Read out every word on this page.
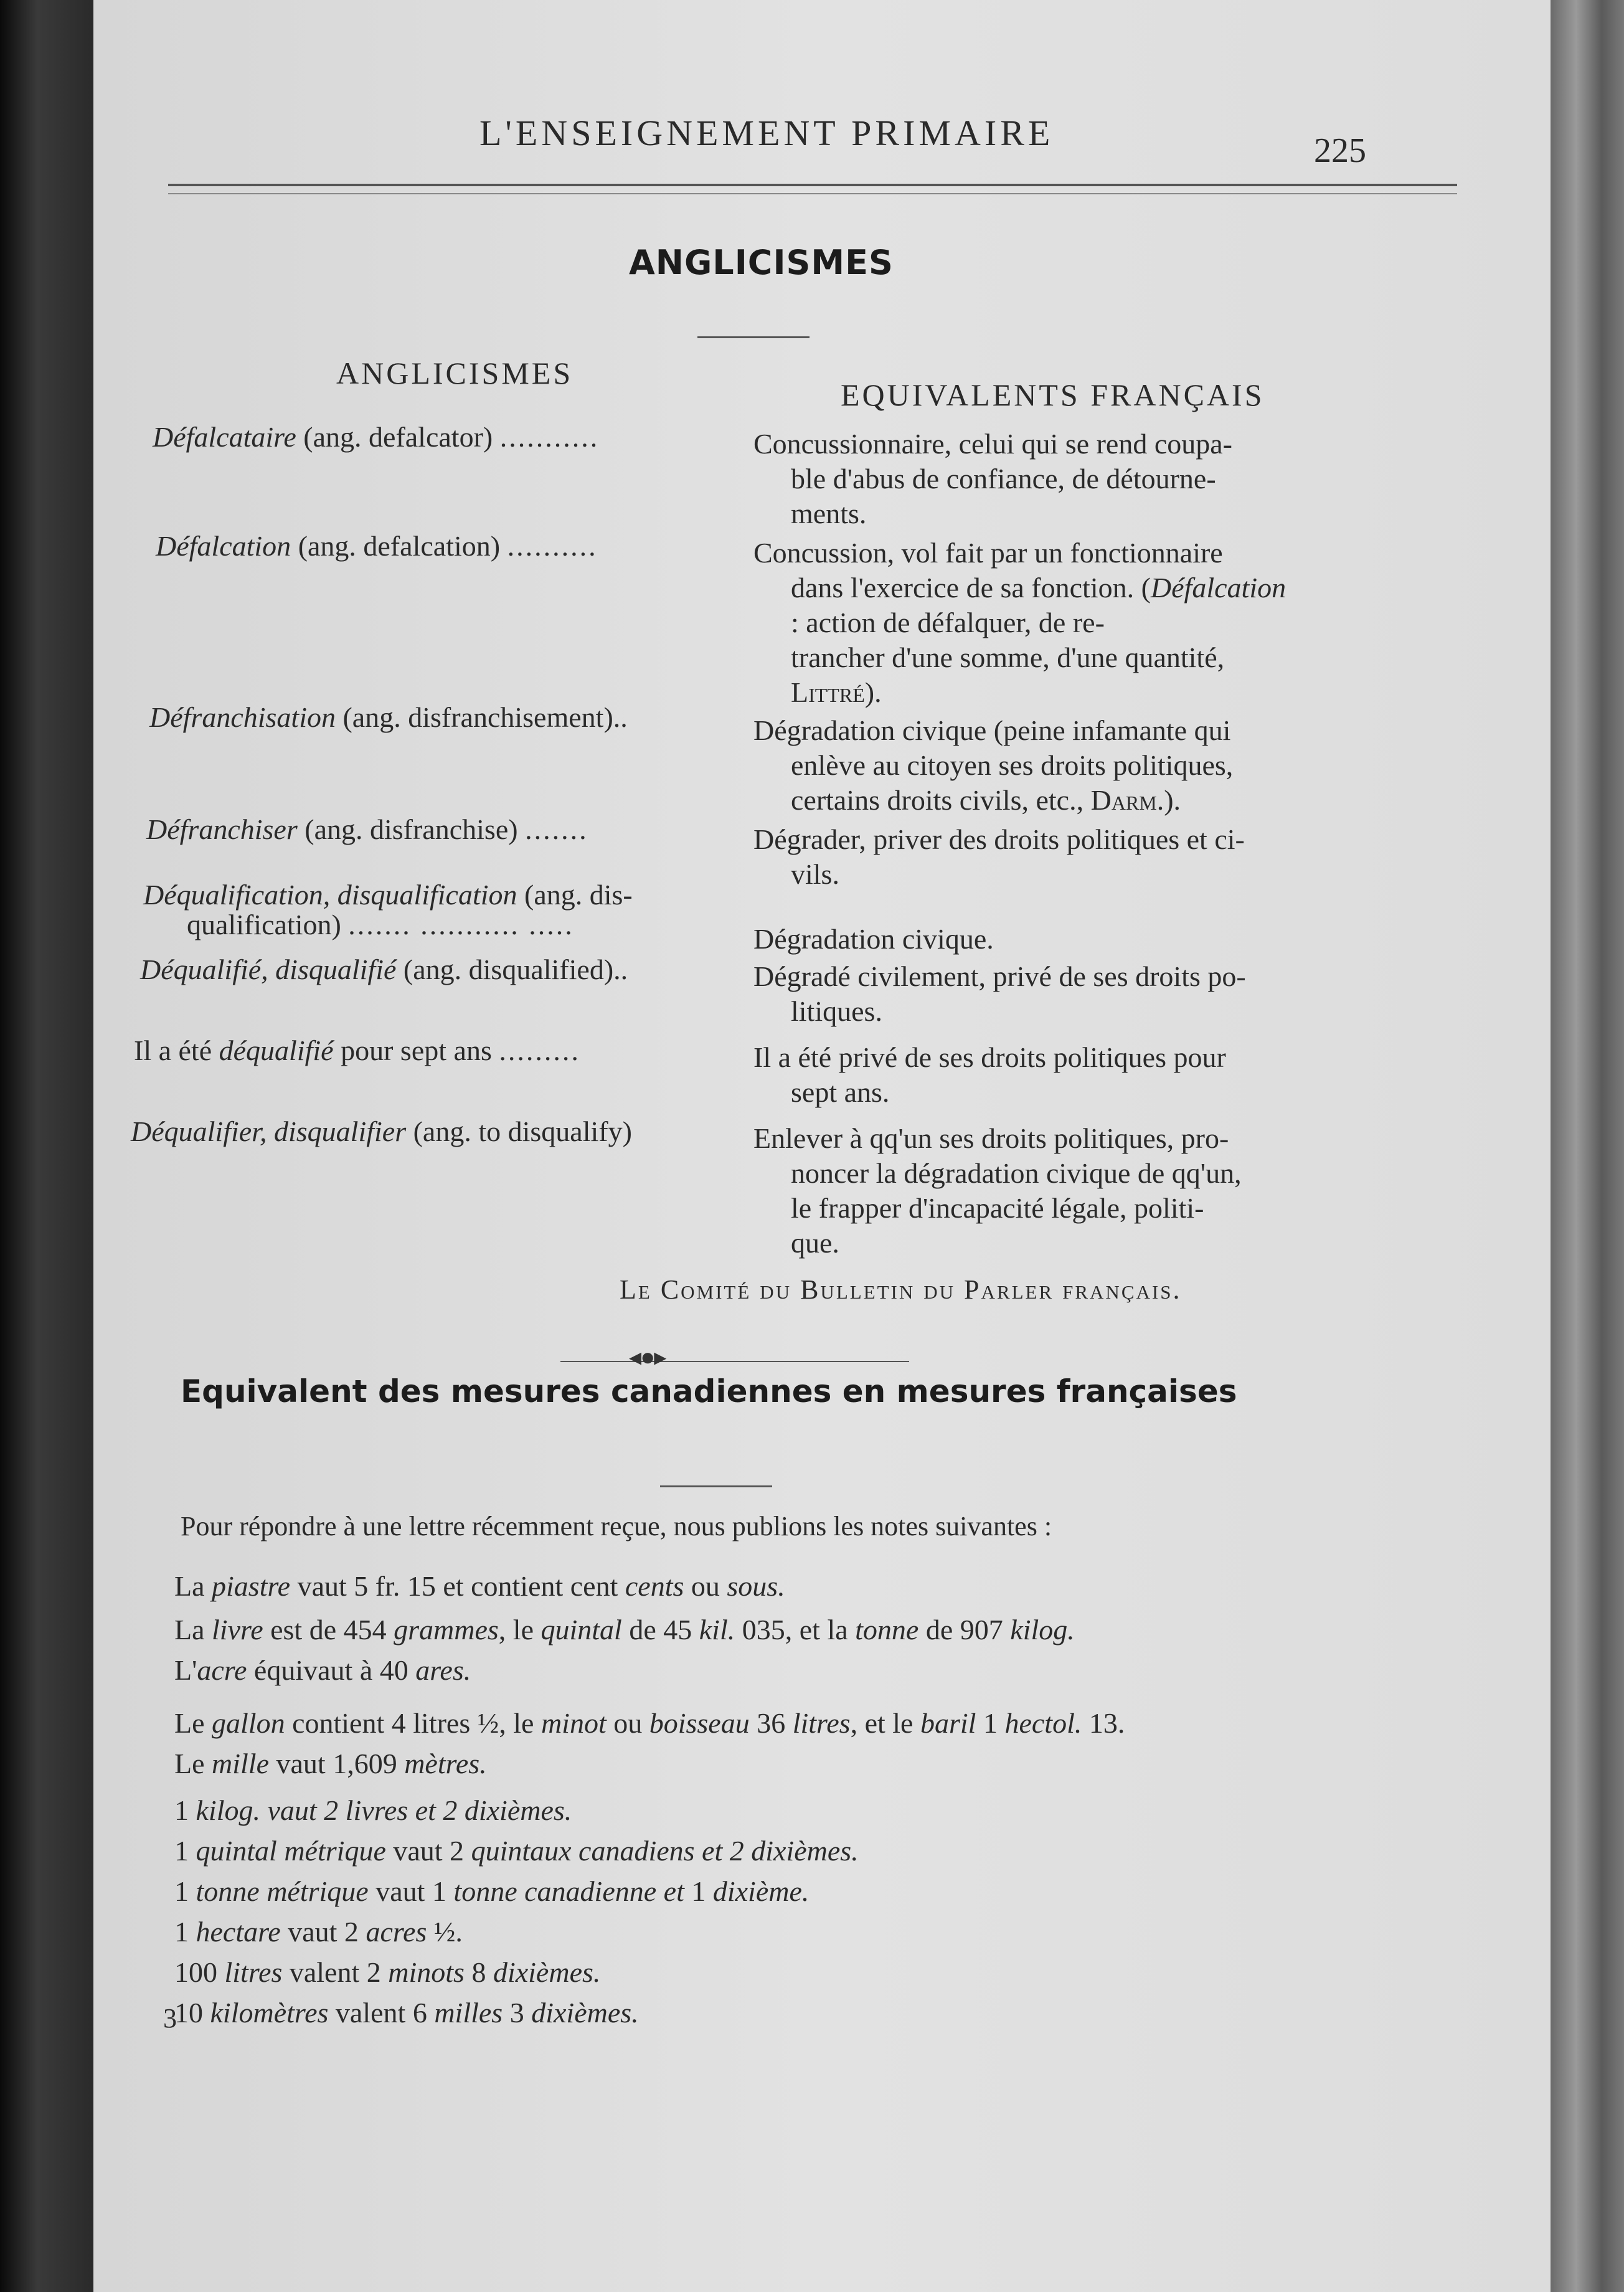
L'ENSEIGNEMENT PRIMAIRE	225
ANGLICISMES
ANGLICISMES
EQUIVALENTS FRANÇAIS
Défalcataire (ang. defalcator) ...........	Concussionnaire, celui qui se rend coupa-
ble d'abus de confiance, de détourne-
ments.
Défalcation (ang. defalcation) ..........	Concussion, vol fait par un fonctionnaire
dans l'exercice de sa fonction. (Défalcation
: action de défalquer, de re-
trancher d'une somme, d'une quantité,
Littré).
Défranchisation (ang. disfranchisement)..	Dégradation civique (peine infamante qui
enlève au citoyen ses droits politiques,
certains droits civils, etc., Darm.).
Défranchiser (ang. disfranchise) .......	Dégrader, priver des droits politiques et ci-
vils.
Déqualification, disqualification (ang. dis-
qualification) ....... ........... .....	Dégradation civique.
Déqualifié, disqualifié (ang. disqualified)..	Dégradé civilement, privé de ses droits po-
litiques.
Il a été déqualifié pour sept ans .........	Il a été privé de ses droits politiques pour
sept ans.
Déqualifier, disqualifier (ang. to disqualify)	Enlever à qq'un ses droits politiques, pro-
noncer la dégradation civique de qq'un,
le frapper d'incapacité légale, politi-
que.
Le Comité du Bulletin du Parler français.
◂●▸
Equivalent des mesures canadiennes en mesures françaises
Pour répondre à une lettre récemment reçue, nous publions les notes suivantes :
La piastre vaut 5 fr. 15 et contient cent cents ou sous.
La livre est de 454 grammes, le quintal de 45 kil. 035, et la tonne de 907 kilog.
L'acre équivaut à 40 ares.
Le gallon contient 4 litres ½, le minot ou boisseau 36 litres, et le baril 1 hectol. 13.
Le mille vaut 1,609 mètres.
1 kilog. vaut 2 livres et 2 dixièmes.
1 quintal métrique vaut 2 quintaux canadiens et 2 dixièmes.
1 tonne métrique vaut 1 tonne canadienne et 1 dixième.
1 hectare vaut 2 acres ½.
100 litres valent 2 minots 8 dixièmes.
10 kilomètres valent 6 milles 3 dixièmes.
3
